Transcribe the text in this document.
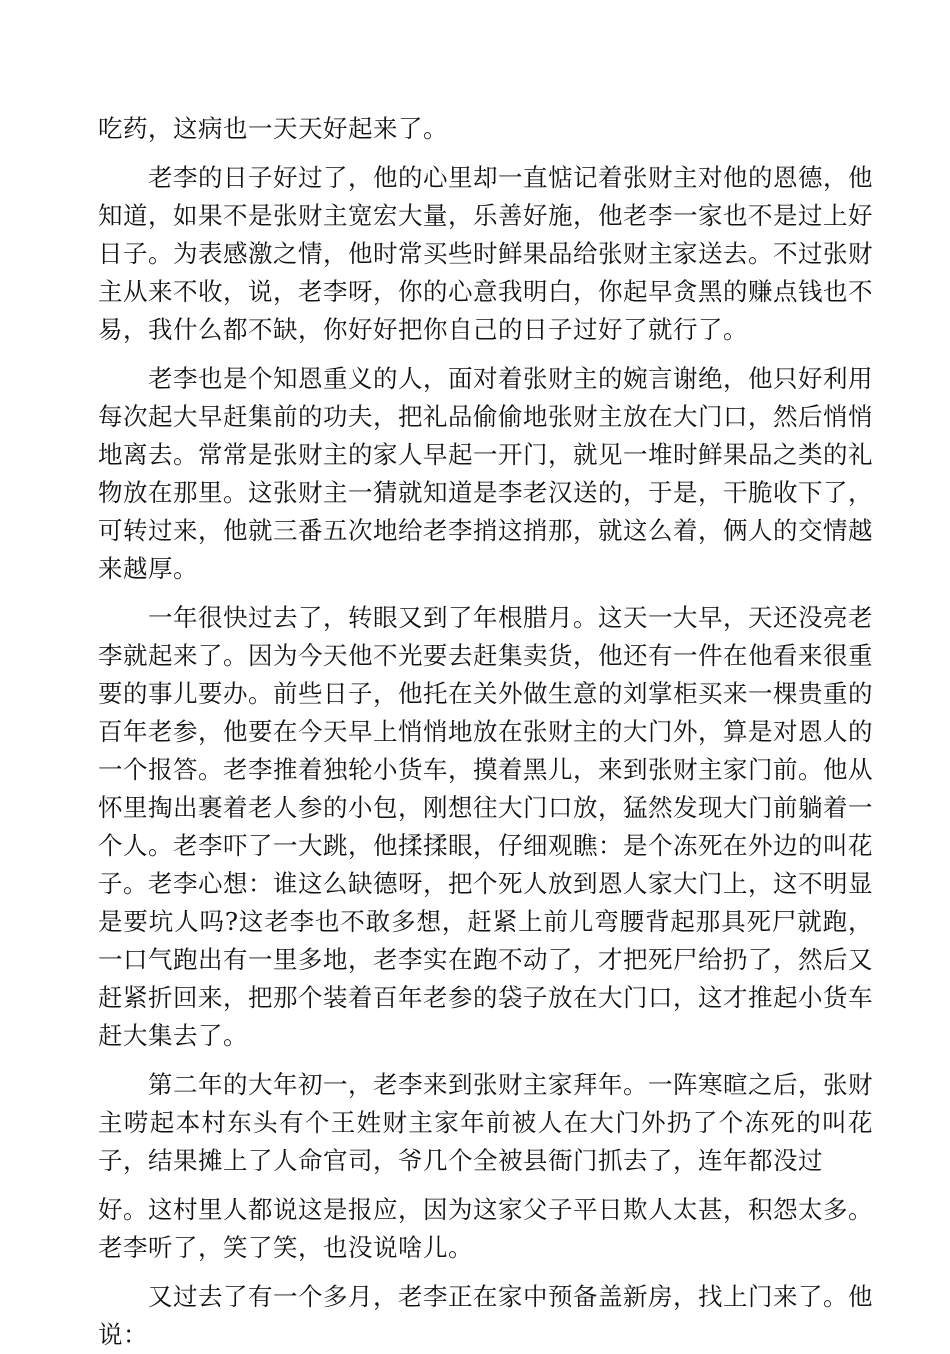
吃药，这病也一天天好起来了。

老李的日子好过了，他的心里却一直惦记着张财主对他的恩德，他知道，如果不是张财主宽宏大量，乐善好施，他老李一家也不是过上好日子。为表感激之情，他时常买些时鲜果品给张财主家送去。不过张财主从来不收，说，老李呀，你的心意我明白，你起早贪黑的赚点钱也不易，我什么都不缺，你好好把你自己的日子过好了就行了。

老李也是个知恩重义的人，面对着张财主的婉言谢绝，他只好利用每次起大早赶集前的功夫，把礼品偷偷地张财主放在大门口，然后悄悄地离去。常常是张财主的家人早起一开门，就见一堆时鲜果品之类的礼物放在那里。这张财主一猜就知道是李老汉送的，于是，干脆收下了，可转过来，他就三番五次地给老李捎这捎那，就这么着，俩人的交情越来越厚。

一年很快过去了，转眼又到了年根腊月。这天一大早，天还没亮老李就起来了。因为今天他不光要去赶集卖货，他还有一件在他看来很重要的事儿要办。前些日子，他托在关外做生意的刘掌柜买来一棵贵重的百年老参，他要在今天早上悄悄地放在张财主的大门外，算是对恩人的一个报答。老李推着独轮小货车，摸着黑儿，来到张财主家门前。他从怀里掏出裹着老人参的小包，刚想往大门口放，猛然发现大门前躺着一个人。老李吓了一大跳，他揉揉眼，仔细观瞧：是个冻死在外边的叫花子。老李心想：谁这么缺德呀，把个死人放到恩人家大门上，这不明显是要坑人吗?这老李也不敢多想，赶紧上前儿弯腰背起那具死尸就跑，一口气跑出有一里多地，老李实在跑不动了，才把死尸给扔了，然后又赶紧折回来，把那个装着百年老参的袋子放在大门口，这才推起小货车赶大集去了。

第二年的大年初一，老李来到张财主家拜年。一阵寒暄之后，张财主唠起本村东头有个王姓财主家年前被人在大门外扔了个冻死的叫花子，结果摊上了人命官司，爷几个全被县衙门抓去了，连年都没过

好。这村里人都说这是报应，因为这家父子平日欺人太甚，积怨太多。老李听了，笑了笑，也没说啥儿。

又过去了有一个多月，老李正在家中预备盖新房，找上门来了。他说：
